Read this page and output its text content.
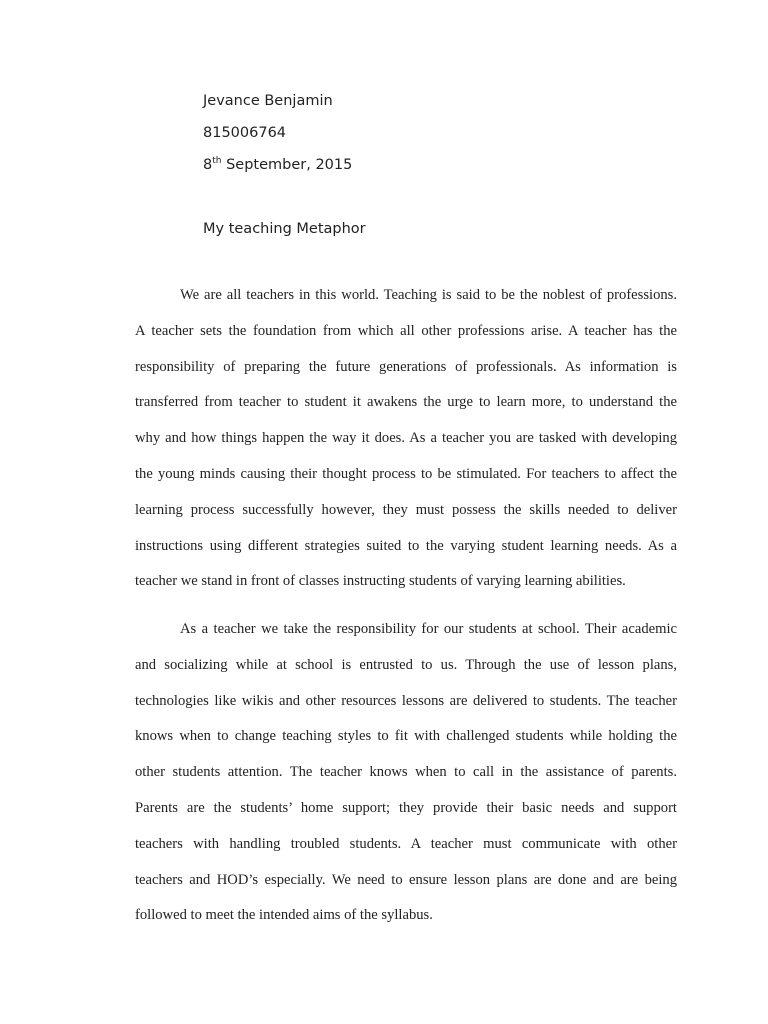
Jevance Benjamin
815006764
8th September, 2015
My teaching Metaphor
We are all teachers in this world. Teaching is said to be the noblest of professions.
A teacher sets the foundation from which all other professions arise. A teacher has the
responsibility of preparing the future generations of professionals. As information is
transferred from teacher to student it awakens the urge to learn more, to understand the
why and how things happen the way it does. As a teacher you are tasked with developing
the young minds causing their thought process to be stimulated. For teachers to affect the
learning process successfully however, they must possess the skills needed to deliver
instructions using different strategies suited to the varying student learning needs. As a
teacher we stand in front of classes instructing students of varying learning abilities.
As a teacher we take the responsibility for our students at school. Their academic
and socializing while at school is entrusted to us. Through the use of lesson plans,
technologies like wikis and other resources lessons are delivered to students. The teacher
knows when to change teaching styles to fit with challenged students while holding the
other students attention. The teacher knows when to call in the assistance of parents.
Parents are the students’ home support; they provide their basic needs and support
teachers with handling troubled students. A teacher must communicate with other
teachers and HOD’s especially. We need to ensure lesson plans are done and are being
followed to meet the intended aims of the syllabus.
